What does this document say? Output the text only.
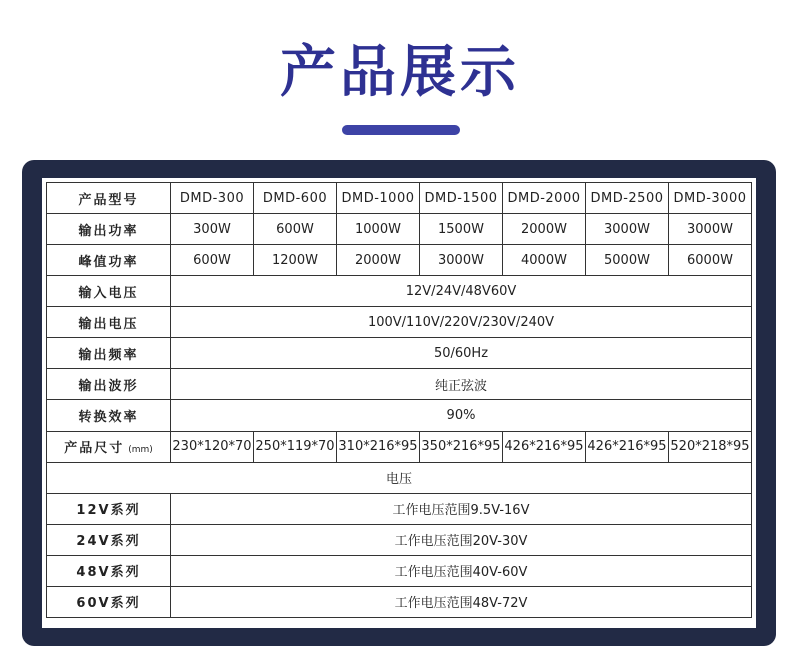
产品展示
产品型号	DMD-300	DMD-600	DMD-1000	DMD-1500	DMD-2000	DMD-2500	DMD-3000
输出功率	300W	600W	1000W	1500W	2000W	3000W	3000W
峰值功率	600W	1200W	2000W	3000W	4000W	5000W	6000W
输入电压	12V/24V/48V60V						
输出电压	100V/110V/220V/230V/240V						
输出频率	50/60Hz						
输出波形	纯正弦波						
转换效率	90%						
产品尺寸 (mm)	230*120*70	250*119*70	310*216*95	350*216*95	426*216*95	426*216*95	520*218*95
电压							
12V系列	工作电压范围9.5V-16V						
24V系列	工作电压范围20V-30V						
48V系列	工作电压范围40V-60V						
60V系列	工作电压范围48V-72V						
